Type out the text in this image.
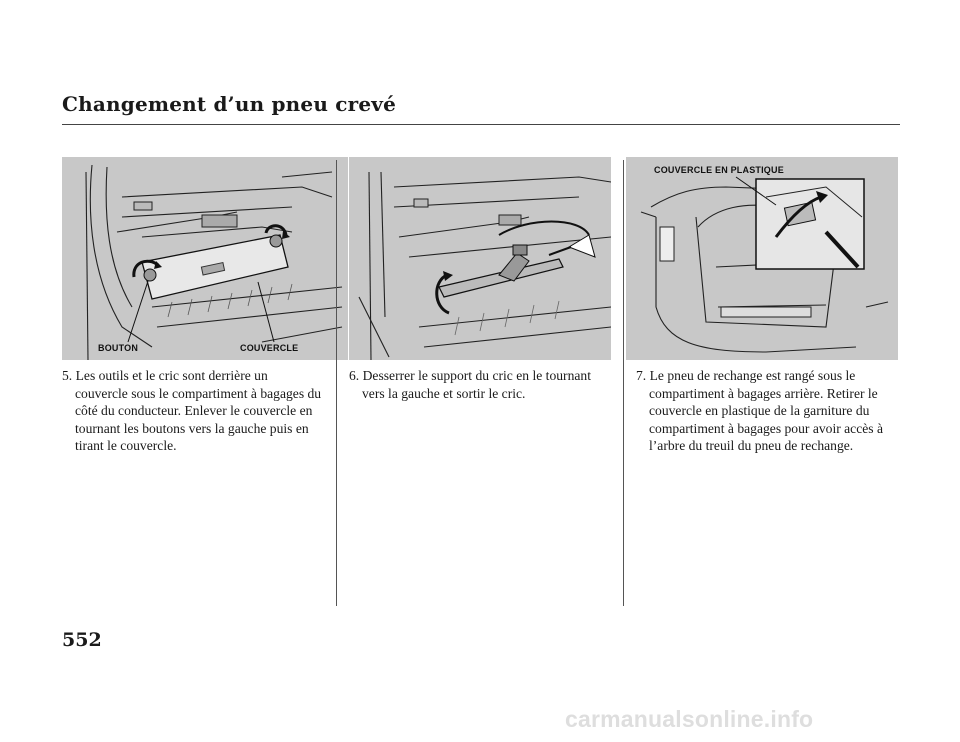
Changement d’un pneu crevé
BOUTON	COUVERCLE
COUVERCLE EN PLASTIQUE
5. Les outils et le cric sont derrière un
couvercle sous le compartiment à bagages du côté du conducteur. Enlever le couvercle en tournant les boutons vers la gauche puis en tirant le couvercle.
6. Desserrer le support du cric en le tournant
vers la gauche et sortir le cric.
7. Le pneu de rechange est rangé sous le
compartiment à bagages arrière. Retirer le couvercle en plastique de la garniture du compartiment à bagages pour avoir accès à l’arbre du treuil du pneu de rechange.
552
carmanualsonline.info
